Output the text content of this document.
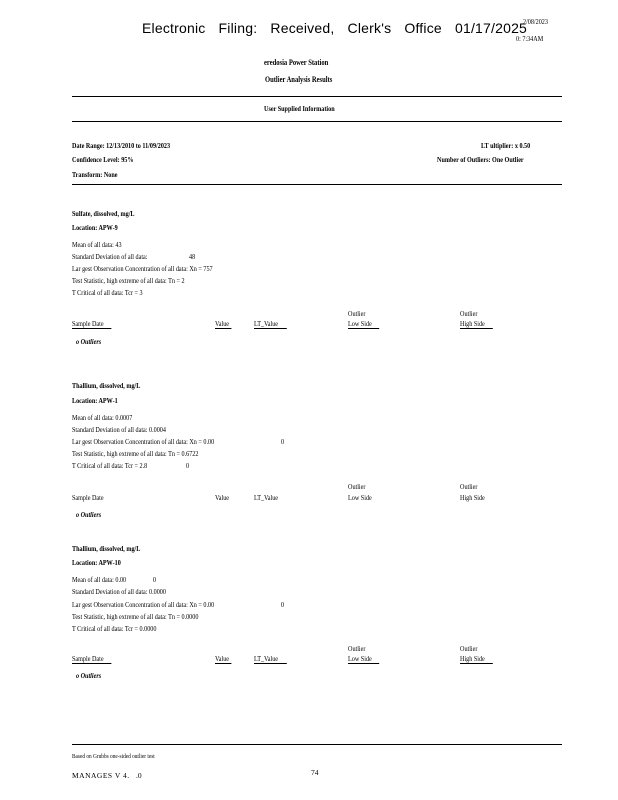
Electronic Filing: Received, Clerk's Office 01/17/2025
2/08/2023
0: 7:34AM
eredosia Power Station
Outlier Analysis Results
User Supplied Information
Date Range: 12/13/2010 to 11/09/2023
Confidence Level: 95%
Transform: None
LT ultiplier: x 0.50
Number of Outliers: One Outlier
Sulfate, dissolved, mg/L
Location: APW-9
Mean of all data: 43
Standard Deviation of all data:	48
Lar gest Observation Concentration of all data: Xn = 757
Test Statistic, high extreme of all data: Tn = 2
T Critical of all data: Tcr = 3
Outlier	Outlier
Sample Date	Value	LT_Value	Low Side	High Side
o Outliers
Thallium, dissolved, mg/L
Location: APW-1
Mean of all data: 0.0007
Standard Deviation of all data: 0.0004
Lar gest Observation Concentration of all data: Xn = 0.00	0
Test Statistic, high extreme of all data: Tn = 0.6722
T Critical of all data: Tcr = 2.8	0
Outlier	Outlier
Sample Date	Value	LT_Value	Low Side	High Side
o Outliers
Thallium, dissolved, mg/L
Location: APW-10
Mean of all data: 0.00	0
Standard Deviation of all data: 0.0000
Lar gest Observation Concentration of all data: Xn = 0.00	0
Test Statistic, high extreme of all data: Tn = 0.0000
T Critical of all data: Tcr = 0.0000
Outlier	Outlier
Sample Date	Value	LT_Value	Low Side	High Side
o Outliers
Based on Grubbs one-sided outlier test
MANAGES V 4. .0	74
